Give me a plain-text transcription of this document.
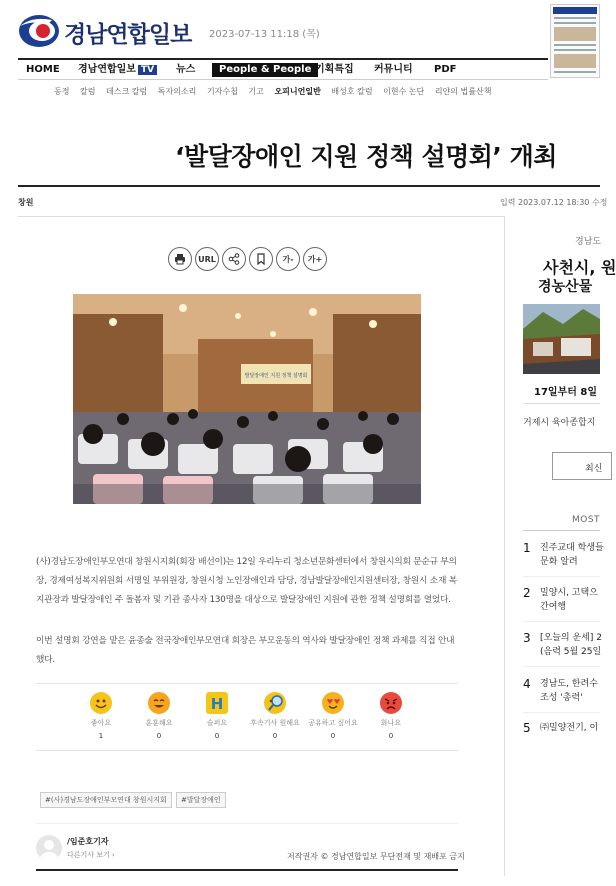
경남연합일보 2023-07-13 11:18 (목)
HOME 경남연합일보 TV	뉴스	People & People 기획특집 커뮤니티 PDF
동정 칼럼 데스크 칼럼 독자의소리 기자수첩 기고 오피니언일반 배성호 칼럼 이현수 논단 리얀의 법률산책
‘발달장애인 지원 정책 설명회’ 개최
창원	입력 2023.07.12 18:30 수정
URL	가-	가+
발달장애인 지원 정책 설명회

(사)경남도장애인부모연대 창원시지회(회장 배선이)는 12일 우리누리 청소년문화센터에서 창원시의회 문순규 부의장, 경제여성복지위원회 서명일 부위원장, 창원시청 노인장애인과 담당, 경남발달장애인지원센터장, 창원시 소재 복지관장과 발달장애인 주 돌봄자 및 기관 종사자 130명을 대상으로 발달장애인 지원에 관한 정책 설명회를 열었다.

이번 설명회 강연을 맡은 윤종술 전국장애인부모연대 회장은 부모운동의 역사와 발달장애인 정책 과제를 직접 안내했다.

좋아요
1
훈훈해요
0
H
슬퍼요
0
후속기사 원해요
0
공유하고 싶어요
0
화나요
0
#(사)경남도장애인부모연대 창원시지회	#발달장애인
/임준호기자
다른기사 보기 ›	저작권자 © 경남연합일보 무단전재 및 재배포 금지
경남도
사천시, 원
경농산물
17일부터 8일
거제시 육아종합지
최신
MOST
1	진주교대 학생들
문화 알려
2	밀양시, 고택으
간여행
3	[오늘의 운세] 2
(음력 5월 25일
4	경남도, 한려수
조성 '총력'
5	㈜밀양전기, 이
